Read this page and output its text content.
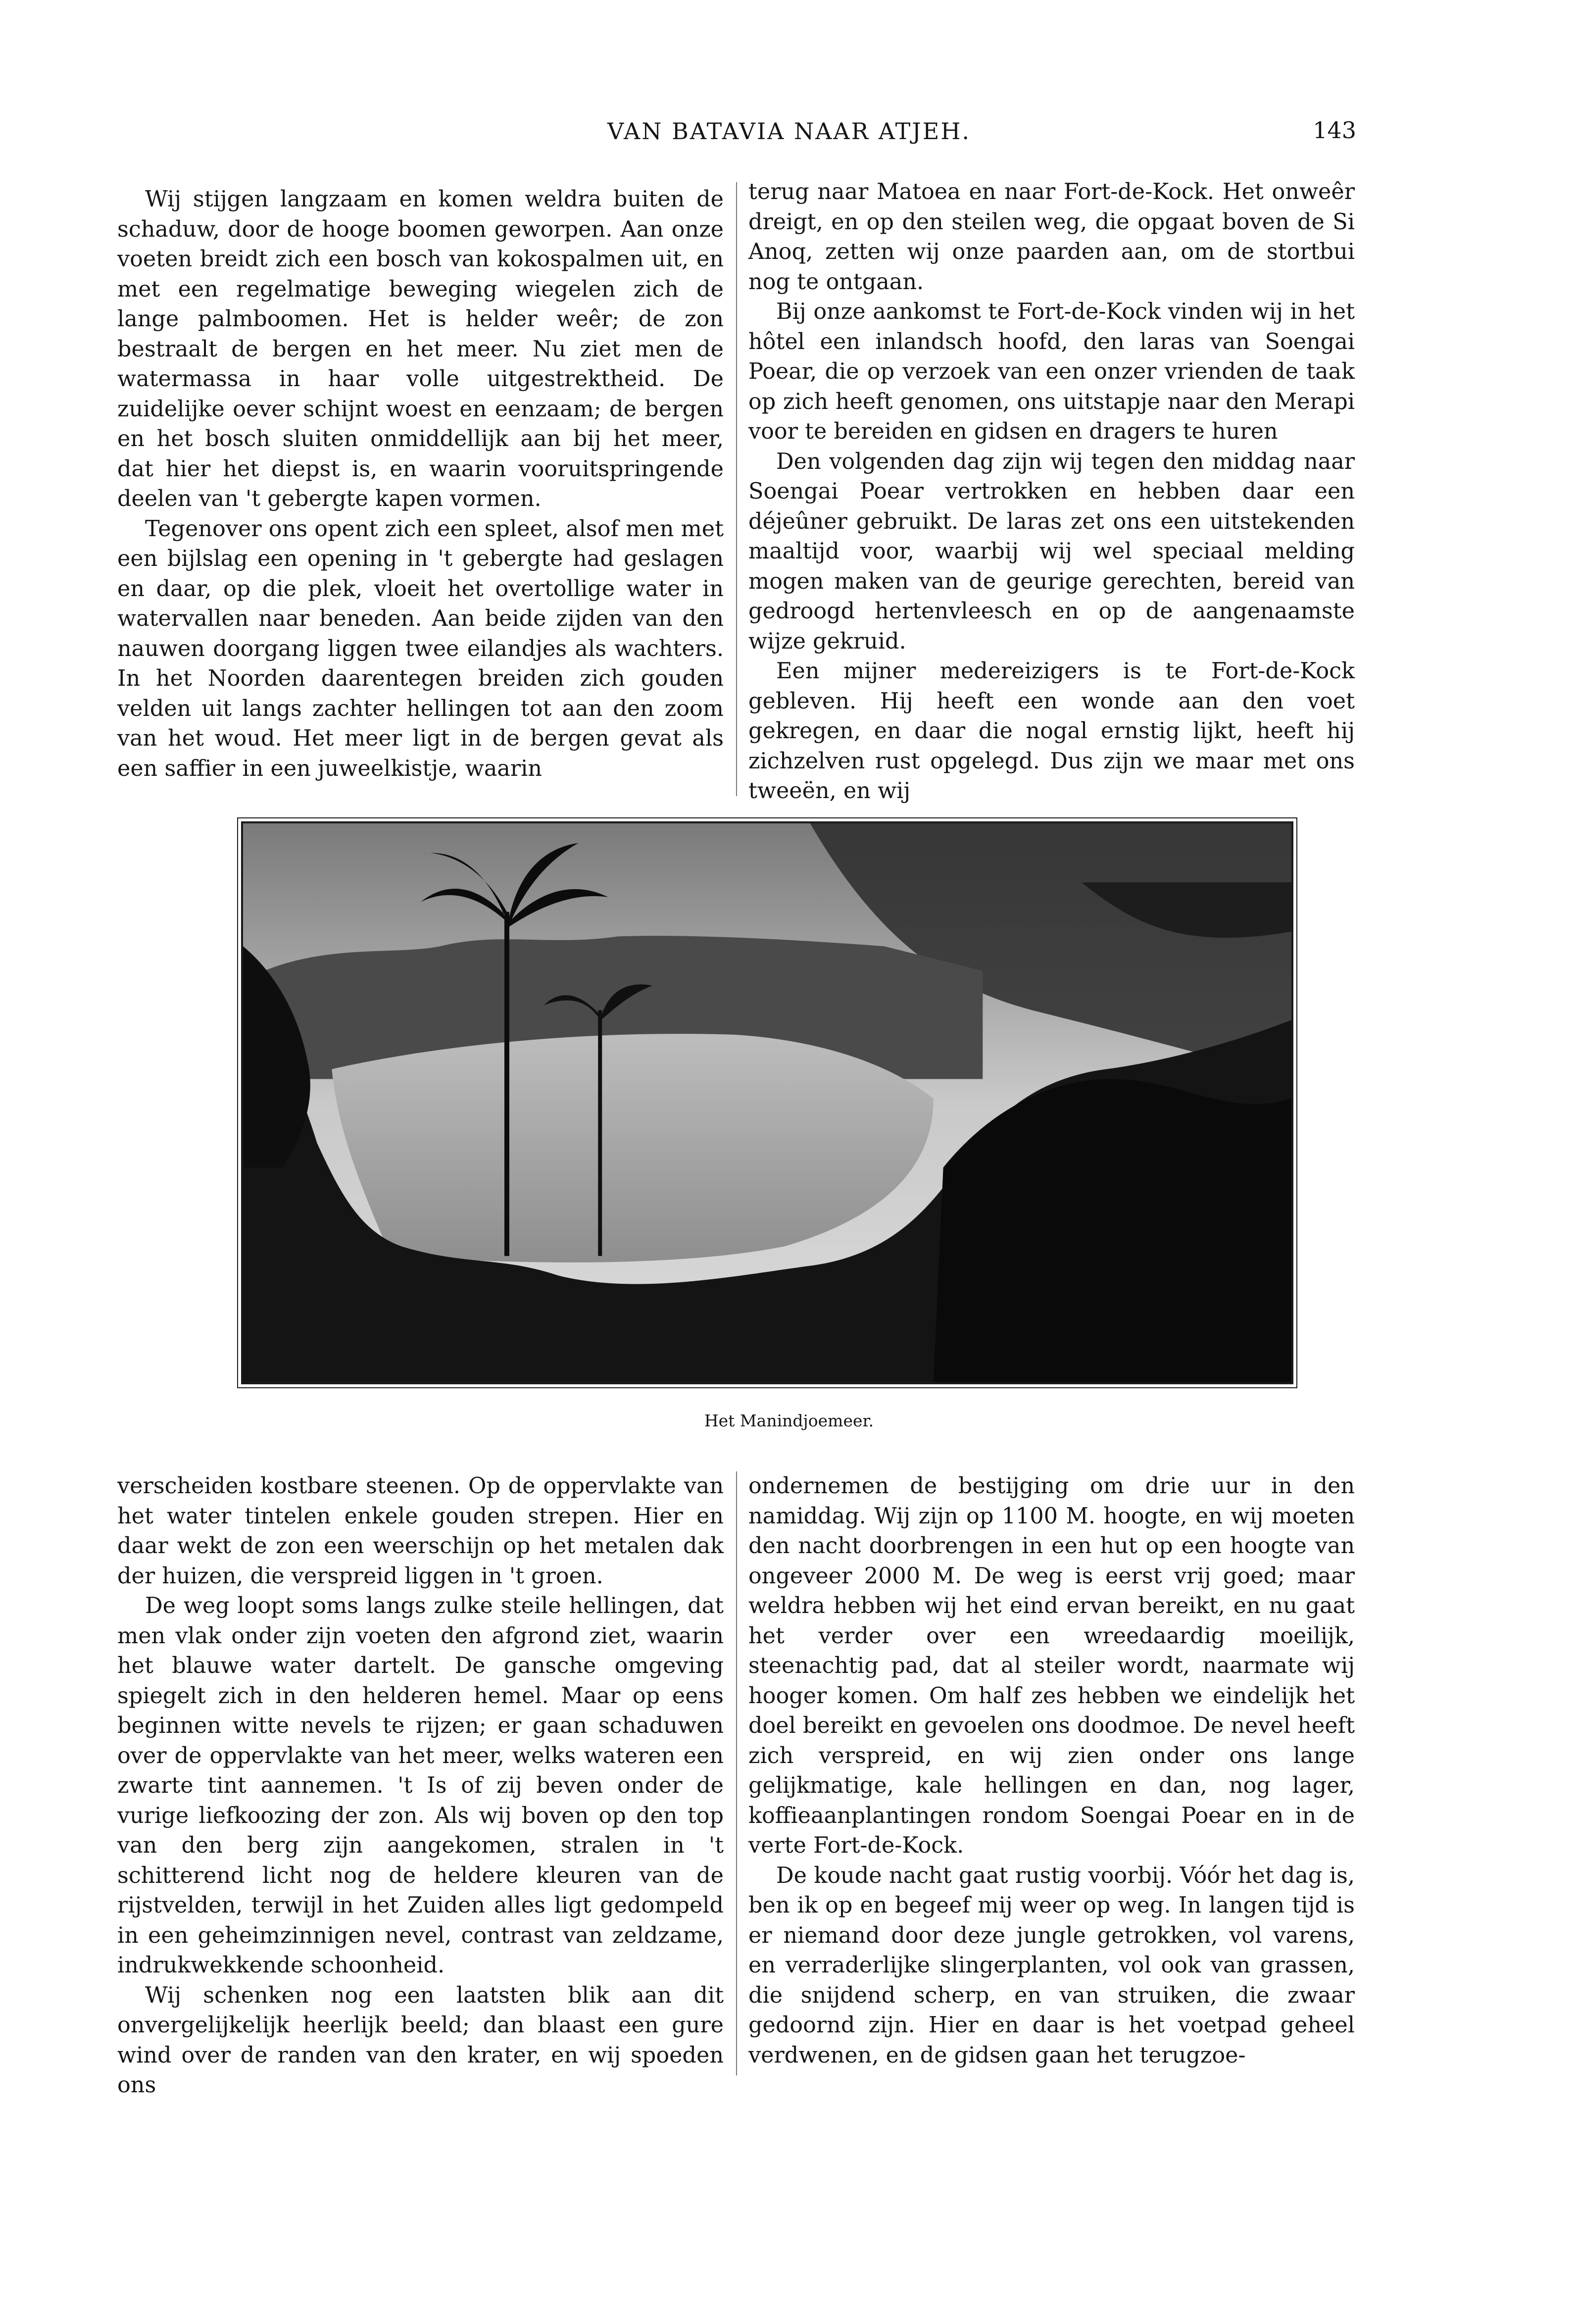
VAN BATAVIA NAAR ATJEH.	143

Wij stijgen langzaam en komen weldra buiten de schaduw, door de hooge boomen geworpen. Aan onze voeten breidt zich een bosch van kokospalmen uit, en met een regelmatige beweging wiegelen zich de lange palmboomen. Het is helder weêr; de zon bestraalt de bergen en het meer. Nu ziet men de watermassa in haar volle uitgestrektheid. De zuidelijke oever schijnt woest en eenzaam; de bergen en het bosch sluiten onmiddellijk aan bij het meer, dat hier het diepst is, en waarin vooruitspringende deelen van 't gebergte kapen vormen.

Tegenover ons opent zich een spleet, alsof men met een bijlslag een opening in 't gebergte had geslagen en daar, op die plek, vloeit het overtollige water in watervallen naar beneden. Aan beide zijden van den nauwen doorgang liggen twee eilandjes als wachters. In het Noorden daarentegen breiden zich gouden velden uit langs zachter hellingen tot aan den zoom van het woud. Het meer ligt in de bergen gevat als een saffier in een juweelkistje, waarin

terug naar Matoea en naar Fort-de-Kock. Het onweêr dreigt, en op den steilen weg, die opgaat boven de Si Anoq, zetten wij onze paarden aan, om de stortbui nog te ontgaan.

Bij onze aankomst te Fort-de-Kock vinden wij in het hôtel een inlandsch hoofd, den laras van Soengai Poear, die op verzoek van een onzer vrienden de taak op zich heeft genomen, ons uitstapje naar den Merapi voor te bereiden en gidsen en dragers te huren

Den volgenden dag zijn wij tegen den middag naar Soengai Poear vertrokken en hebben daar een déjeûner gebruikt. De laras zet ons een uitstekenden maaltijd voor, waarbij wij wel speciaal melding mogen maken van de geurige gerechten, bereid van gedroogd hertenvleesch en op de aangenaamste wijze gekruid.

Een mijner medereizigers is te Fort-de-Kock gebleven. Hij heeft een wonde aan den voet gekregen, en daar die nogal ernstig lijkt, heeft hij zichzelven rust opgelegd. Dus zijn we maar met ons tweeën, en wij

Het Manindjoemeer.

verscheiden kostbare steenen. Op de oppervlakte van het water tintelen enkele gouden strepen. Hier en daar wekt de zon een weerschijn op het metalen dak der huizen, die verspreid liggen in 't groen.

De weg loopt soms langs zulke steile hellingen, dat men vlak onder zijn voeten den afgrond ziet, waarin het blauwe water dartelt. De gansche omgeving spiegelt zich in den helderen hemel. Maar op eens beginnen witte nevels te rijzen; er gaan schaduwen over de oppervlakte van het meer, welks wateren een zwarte tint aannemen. 't Is of zij beven onder de vurige liefkoozing der zon. Als wij boven op den top van den berg zijn aangekomen, stralen in 't schitterend licht nog de heldere kleuren van de rijstvelden, terwijl in het Zuiden alles ligt gedompeld in een geheimzinnigen nevel, contrast van zeldzame, indrukwekkende schoonheid.

Wij schenken nog een laatsten blik aan dit onvergelijkelijk heerlijk beeld; dan blaast een gure wind over de randen van den krater, en wij spoeden ons

ondernemen de bestijging om drie uur in den namiddag. Wij zijn op 1100 M. hoogte, en wij moeten den nacht doorbrengen in een hut op een hoogte van ongeveer 2000 M. De weg is eerst vrij goed; maar weldra hebben wij het eind ervan bereikt, en nu gaat het verder over een wreedaardig moeilijk, steenachtig pad, dat al steiler wordt, naarmate wij hooger komen. Om half zes hebben we eindelijk het doel bereikt en gevoelen ons doodmoe. De nevel heeft zich verspreid, en wij zien onder ons lange gelijkmatige, kale hellingen en dan, nog lager, koffieaanplantingen rondom Soengai Poear en in de verte Fort-de-Kock.

De koude nacht gaat rustig voorbij. Vóór het dag is, ben ik op en begeef mij weer op weg. In langen tijd is er niemand door deze jungle getrokken, vol varens, en verraderlijke slingerplanten, vol ook van grassen, die snijdend scherp, en van struiken, die zwaar gedoornd zijn. Hier en daar is het voetpad geheel verdwenen, en de gidsen gaan het terugzoe-
